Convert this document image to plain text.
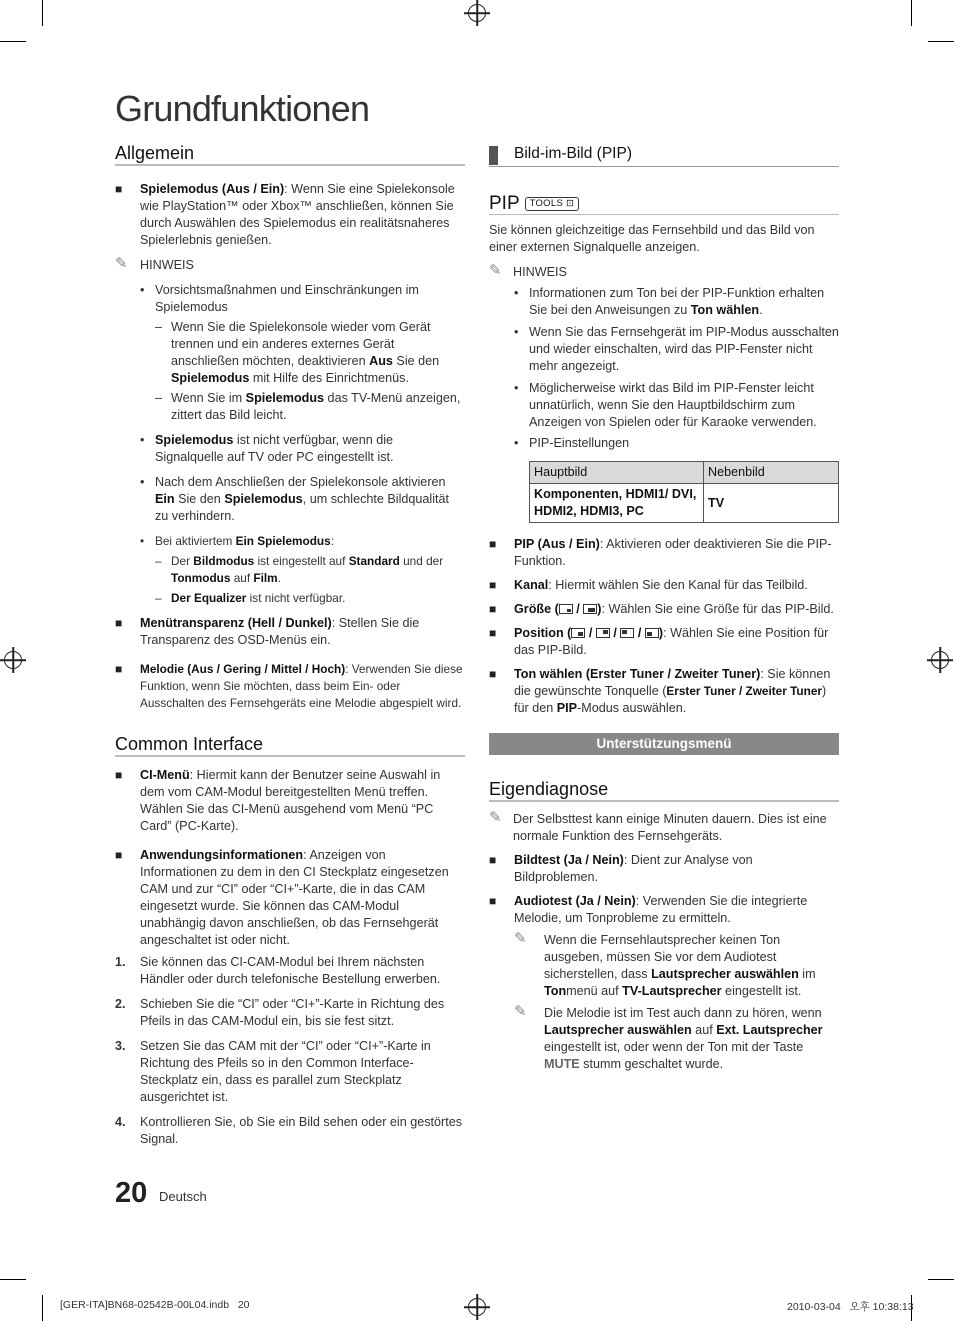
Grundfunktionen
Allgemein
■ Spielemodus (Aus / Ein): Wenn Sie eine Spielekonsole wie PlayStation™ oder Xbox™ anschließen, können Sie durch Auswählen des Spielemodus ein realitätsnaheres Spielerlebnis genießen.
✎ HINWEIS
• Vorsichtsmaßnahmen und Einschränkungen im Spielemodus
– Wenn Sie die Spielekonsole wieder vom Gerät trennen und ein anderes externes Gerät anschließen möchten, deaktivieren Aus Sie den Spielemodus mit Hilfe des Einrichtmenüs.
– Wenn Sie im Spielemodus das TV-Menü anzeigen, zittert das Bild leicht.
• Spielemodus ist nicht verfügbar, wenn die Signalquelle auf TV oder PC eingestellt ist.
• Nach dem Anschließen der Spielekonsole aktivieren Ein Sie den Spielemodus, um schlechte Bildqualität zu verhindern.
• Bei aktiviertem Ein Spielemodus:
– Der Bildmodus ist eingestellt auf Standard und der Tonmodus auf Film.
– Der Equalizer ist nicht verfügbar.
■ Menütransparenz (Hell / Dunkel): Stellen Sie die Transparenz des OSD-Menüs ein.
■ Melodie (Aus / Gering / Mittel / Hoch): Verwenden Sie diese Funktion, wenn Sie möchten, dass beim Ein- oder Ausschalten des Fernsehgeräts eine Melodie abgespielt wird.
Common Interface
■ CI-Menü: Hiermit kann der Benutzer seine Auswahl in dem vom CAM-Modul bereitgestellten Menü treffen. Wählen Sie das CI-Menü ausgehend vom Menü “PC Card” (PC-Karte).
■ Anwendungsinformationen: Anzeigen von Informationen zu dem in den CI Steckplatz eingesetzen CAM und zur “CI” oder “CI+”-Karte, die in das CAM eingesetzt wurde. Sie können das CAM-Modul unabhängig davon anschließen, ob das Fernsehgerät angeschaltet ist oder nicht.
1. Sie können das CI-CAM-Modul bei Ihrem nächsten Händler oder durch telefonische Bestellung erwerben.
2. Schieben Sie die “CI” oder “CI+”-Karte in Richtung des Pfeils in das CAM-Modul ein, bis sie fest sitzt.
3. Setzen Sie das CAM mit der “CI” oder “CI+”-Karte in Richtung des Pfeils so in den Common Interface-Steckplatz ein, dass es parallel zum Steckplatz ausgerichtet ist.
4. Kontrollieren Sie, ob Sie ein Bild sehen oder ein gestörtes Signal.
Bild-im-Bild (PIP)
PIP TOOLS ⊡
Sie können gleichzeitige das Fernsehbild und das Bild von einer externen Signalquelle anzeigen.
✎ HINWEIS
• Informationen zum Ton bei der PIP-Funktion erhalten Sie bei den Anweisungen zu Ton wählen.
• Wenn Sie das Fernsehgerät im PIP-Modus ausschalten und wieder einschalten, wird das PIP-Fenster nicht mehr angezeigt.
• Möglicherweise wirkt das Bild im PIP-Fenster leicht unnatürlich, wenn Sie den Hauptbildschirm zum Anzeigen von Spielen oder für Karaoke verwenden.
• PIP-Einstellungen
Hauptbild	Nebenbild
Komponenten, HDMI1/ DVI, HDMI2, HDMI3, PC	TV
■ PIP (Aus / Ein): Aktivieren oder deaktivieren Sie die PIP-Funktion.
■ Kanal: Hiermit wählen Sie den Kanal für das Teilbild.
■ Größe ( / ): Wählen Sie eine Größe für das PIP-Bild.
■ Position ( / / / ): Wählen Sie eine Position für das PIP-Bild.
■ Ton wählen (Erster Tuner / Zweiter Tuner): Sie können die gewünschte Tonquelle (Erster Tuner / Zweiter Tuner) für den PIP-Modus auswählen.
Unterstützungsmenü
Eigendiagnose
✎ Der Selbsttest kann einige Minuten dauern. Dies ist eine normale Funktion des Fernsehgeräts.
■ Bildtest (Ja / Nein): Dient zur Analyse von Bildproblemen.
■ Audiotest (Ja / Nein): Verwenden Sie die integrierte Melodie, um Tonprobleme zu ermitteln.
✎ Wenn die Fernsehlautsprecher keinen Ton ausgeben, müssen Sie vor dem Audiotest sicherstellen, dass Lautsprecher auswählen im Tonmenü auf TV-Lautsprecher eingestellt ist.
✎ Die Melodie ist im Test auch dann zu hören, wenn Lautsprecher auswählen auf Ext. Lautsprecher eingestellt ist, oder wenn der Ton mit der Taste MUTE stumm geschaltet wurde.
20 Deutsch
[GER-ITA]BN68-02542B-00L04.indb   20	2010-03-04   오후 10:38:13
